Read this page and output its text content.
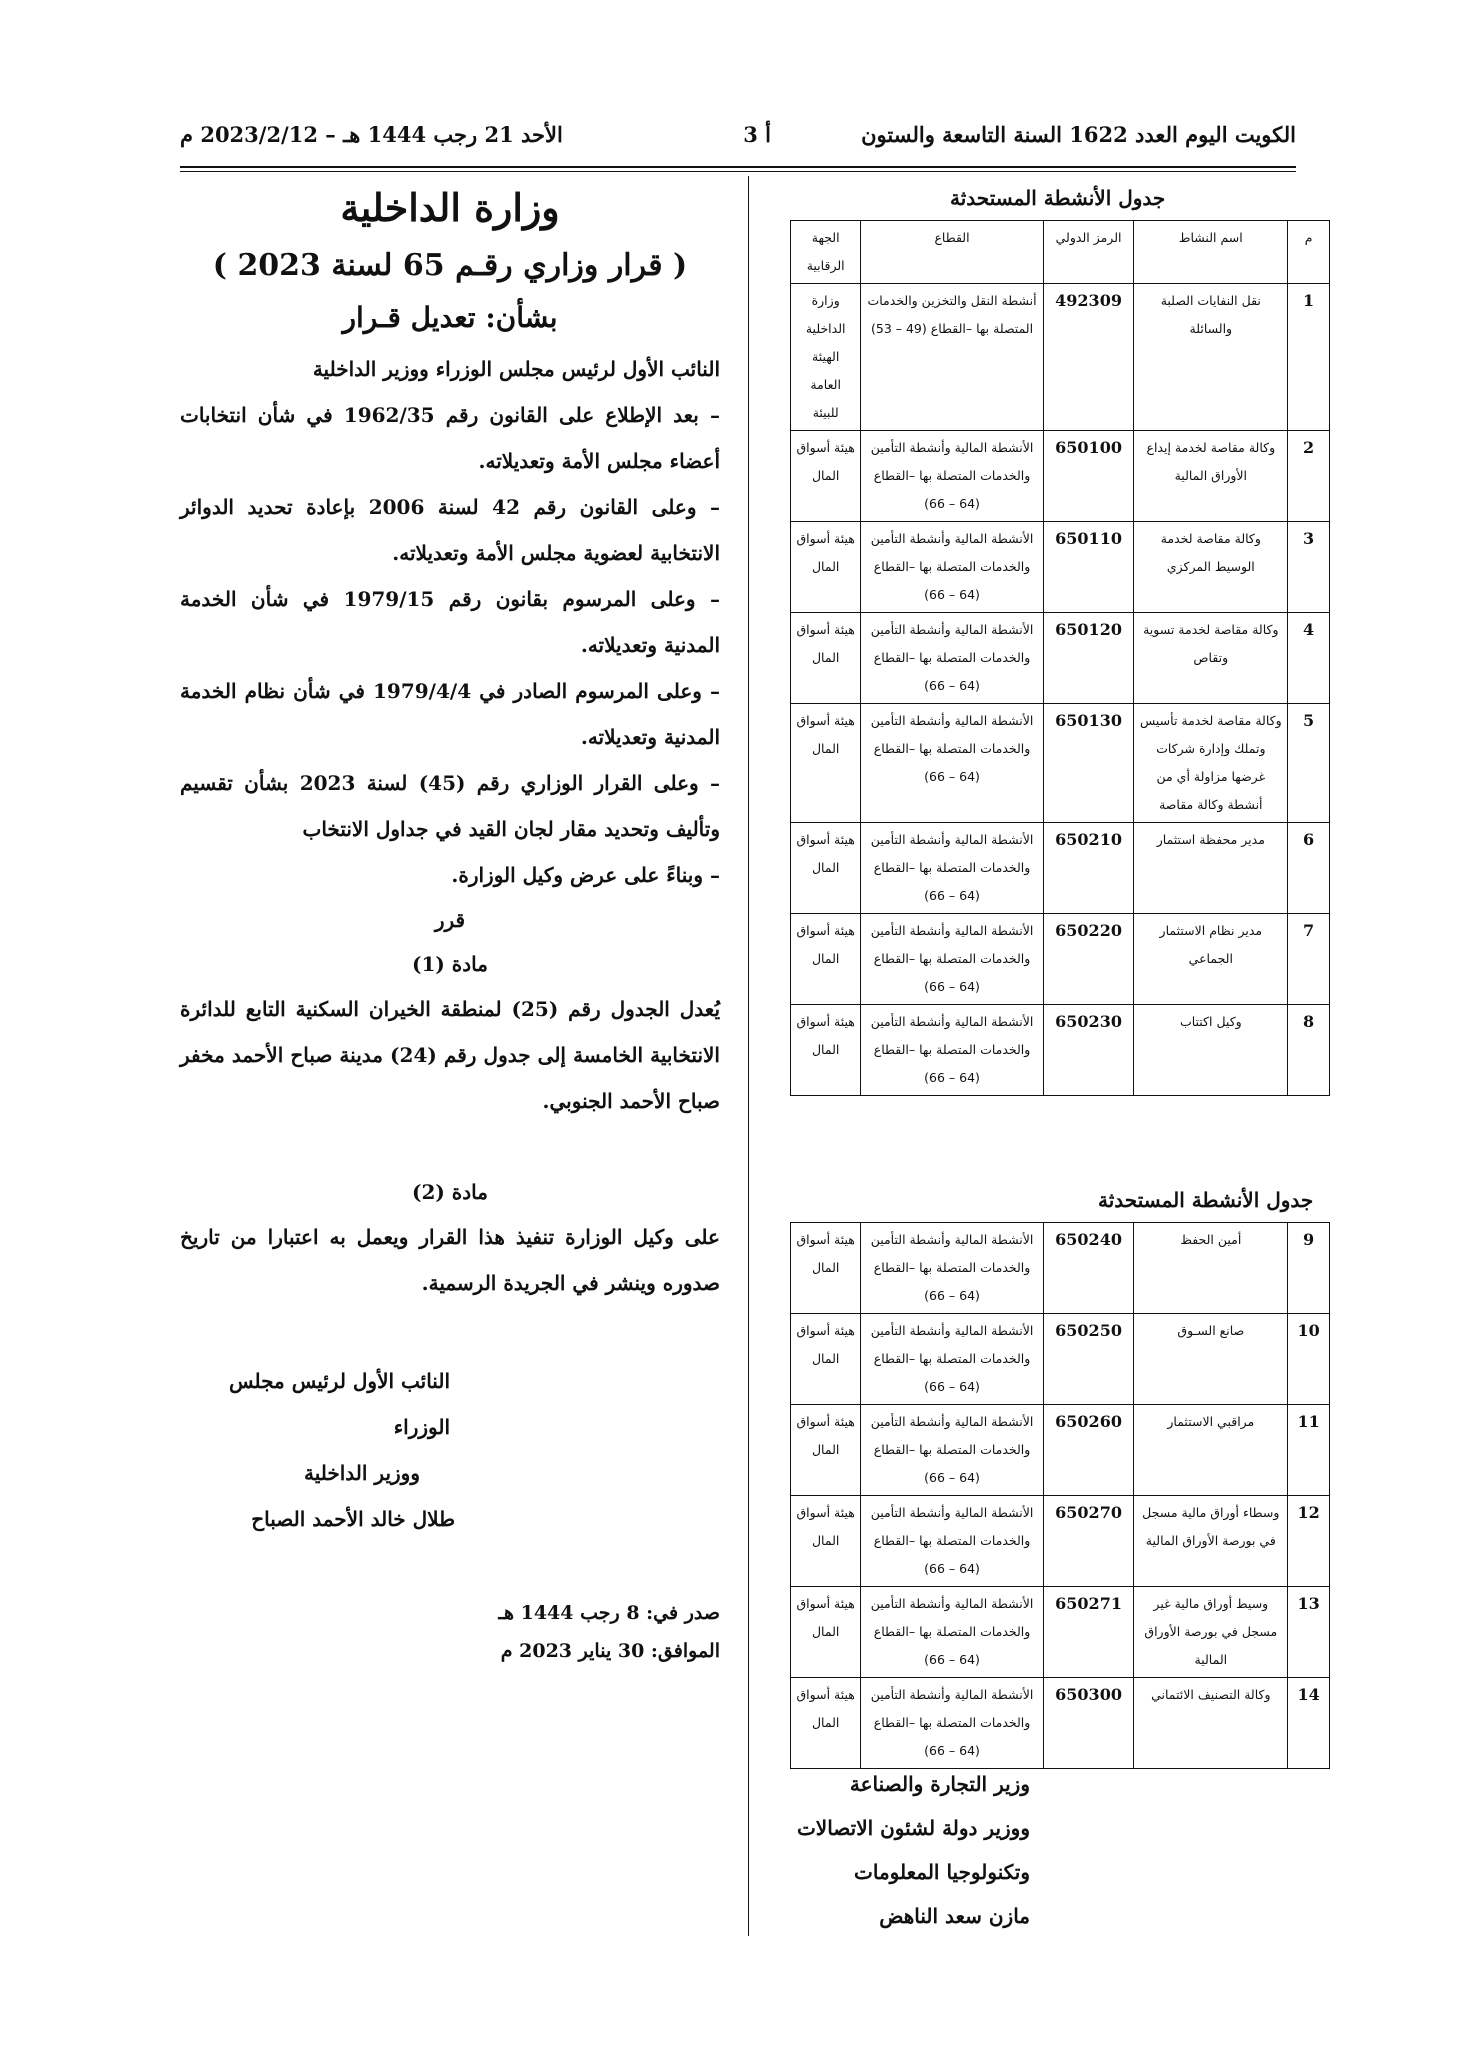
الكويت اليوم العدد 1622 السنة التاسعة والستون
أ 3
الأحد 21 رجب 1444 هـ – 2023/2/12 م

وزارة الداخلية

( قرار وزاري رقـم 65 لسنة 2023 )

بشأن: تعديل قـرار

النائب الأول لرئيس مجلس الوزراء ووزير الداخلية

– بعد الإطلاع على القانون رقم 1962/35 في شأن انتخابات أعضاء مجلس الأمة وتعديلاته.

– وعلى القانون رقم 42 لسنة 2006 بإعادة تحديد الدوائر الانتخابية لعضوية مجلس الأمة وتعديلاته.

– وعلى المرسوم بقانون رقم 1979/15 في شأن الخدمة المدنية وتعديلاته.

– وعلى المرسوم الصادر في 1979/4/4 في شأن نظام الخدمة المدنية وتعديلاته.

– وعلى القرار الوزاري رقم (45) لسنة 2023 بشأن تقسيم وتأليف وتحديد مقار لجان القيد في جداول الانتخاب

– وبناءً على عرض وكيل الوزارة.

قرر

مادة (1)

يُعدل الجدول رقم (25) لمنطقة الخيران السكنية التابع للدائرة الانتخابية الخامسة إلى جدول رقم (24) مدينة صباح الأحمد مخفر صباح الأحمد الجنوبي.

مادة (2)

على وكيل الوزارة تنفيذ هذا القرار ويعمل به اعتبارا من تاريخ صدوره وينشر في الجريدة الرسمية.

النائب الأول لرئيس مجلس الوزراء

ووزير الداخلية

طلال خالد الأحمد الصباح

صدر في: 8 رجب 1444 هـ

الموافق: 30 يناير 2023 م

جدول الأنشطة المستحدثة
م	اسم النشاط	الرمز الدولي	القطاع	الجهة الرقابية
1	نقل النفايات الصلبة والسائلة	492309	أنشطة النقل والتخزين والخدمات المتصلة بها –القطاع (49 – 53)	وزارة الداخلية الهيئة العامة للبيئة
2	وكالة مقاصة لخدمة إيداع الأوراق المالية	650100	الأنشطة المالية وأنشطة التأمين والخدمات المتصلة بها –القطاع (64 – 66)	هيئة أسواق المال
3	وكالة مقاصة لخدمة الوسيط المركزي	650110	الأنشطة المالية وأنشطة التأمين والخدمات المتصلة بها –القطاع (64 – 66)	هيئة أسواق المال
4	وكالة مقاصة لخدمة تسوية وتقاص	650120	الأنشطة المالية وأنشطة التأمين والخدمات المتصلة بها –القطاع (64 – 66)	هيئة أسواق المال
5	وكالة مقاصة لخدمة تأسيس وتملك وإدارة شركات غرضها مزاولة أي من أنشطة وكالة مقاصة	650130	الأنشطة المالية وأنشطة التأمين والخدمات المتصلة بها –القطاع (64 – 66)	هيئة أسواق المال
6	مدير محفظة استثمار	650210	الأنشطة المالية وأنشطة التأمين والخدمات المتصلة بها –القطاع (64 – 66)	هيئة أسواق المال
7	مدير نظام الاستثمار الجماعي	650220	الأنشطة المالية وأنشطة التأمين والخدمات المتصلة بها –القطاع (64 – 66)	هيئة أسواق المال
8	وكيل اكتتاب	650230	الأنشطة المالية وأنشطة التأمين والخدمات المتصلة بها –القطاع (64 – 66)	هيئة أسواق المال
جدول الأنشطة المستحدثة
9	أمين الحفظ	650240	الأنشطة المالية وأنشطة التأمين والخدمات المتصلة بها –القطاع (64 – 66)	هيئة أسواق المال
10	صانع السـوق	650250	الأنشطة المالية وأنشطة التأمين والخدمات المتصلة بها –القطاع (64 – 66)	هيئة أسواق المال
11	مراقبي الاستثمار	650260	الأنشطة المالية وأنشطة التأمين والخدمات المتصلة بها –القطاع (64 – 66)	هيئة أسواق المال
12	وسطاء أوراق مالية مسجل في بورصة الأوراق المالية	650270	الأنشطة المالية وأنشطة التأمين والخدمات المتصلة بها –القطاع (64 – 66)	هيئة أسواق المال
13	وسيط أوراق مالية غير مسجل في بورصة الأوراق المالية	650271	الأنشطة المالية وأنشطة التأمين والخدمات المتصلة بها –القطاع (64 – 66)	هيئة أسواق المال
14	وكالة التصنيف الائتماني	650300	الأنشطة المالية وأنشطة التأمين والخدمات المتصلة بها –القطاع (64 – 66)	هيئة أسواق المال

وزير التجارة والصناعة

ووزير دولة لشئون الاتصالات

وتكنولوجيا المعلومات

مازن سعد الناهض
